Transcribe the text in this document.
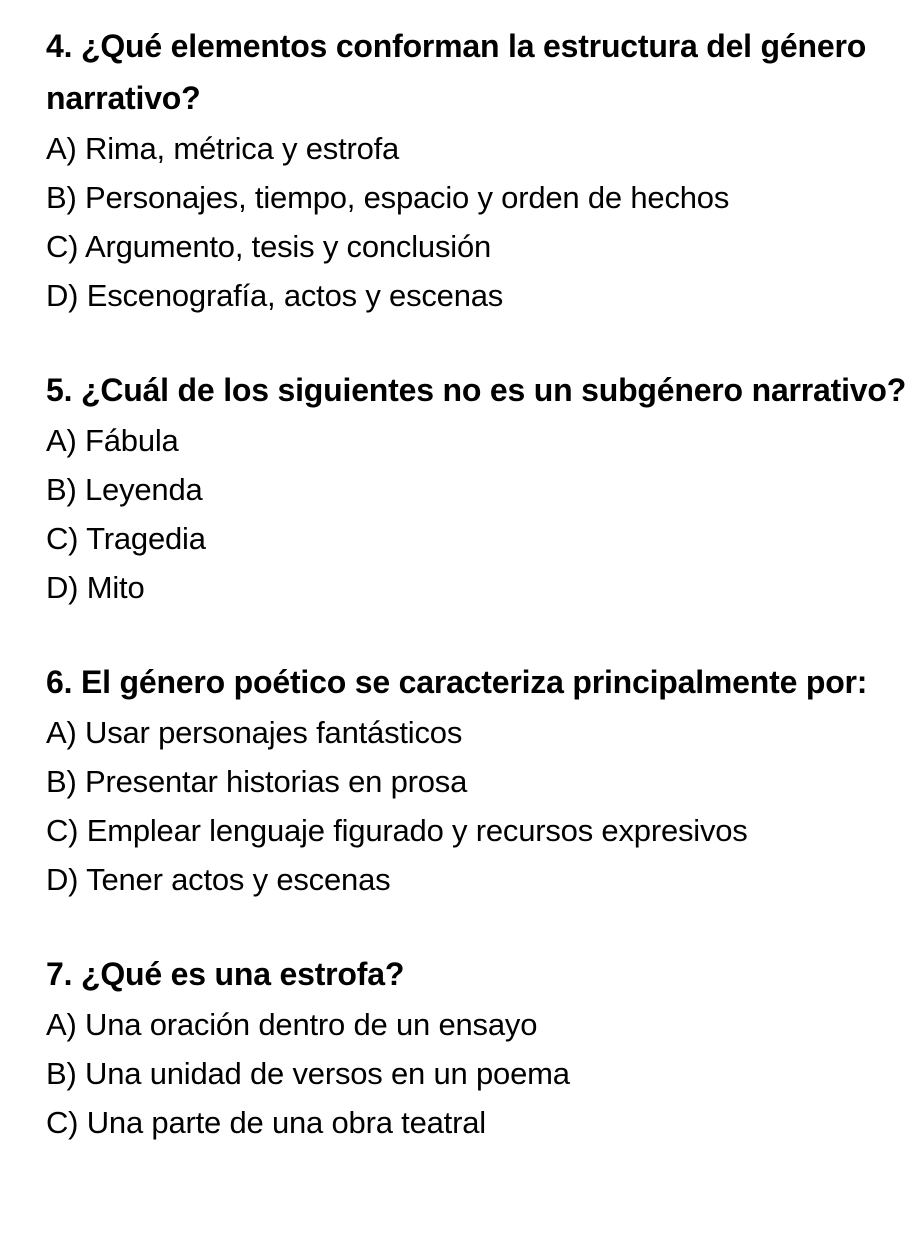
4. ¿Qué elementos conforman la estructura del género narrativo?

A) Rima, métrica y estrofa
B) Personajes, tiempo, espacio y orden de hechos
C) Argumento, tesis y conclusión
D) Escenografía, actos y escenas

5. ¿Cuál de los siguientes no es un subgénero narrativo?

A) Fábula
B) Leyenda
C) Tragedia
D) Mito

6. El género poético se caracteriza principalmente por:

A) Usar personajes fantásticos
B) Presentar historias en prosa
C) Emplear lenguaje figurado y recursos expresivos
D) Tener actos y escenas

7. ¿Qué es una estrofa?

A) Una oración dentro de un ensayo
B) Una unidad de versos en un poema
C) Una parte de una obra teatral
